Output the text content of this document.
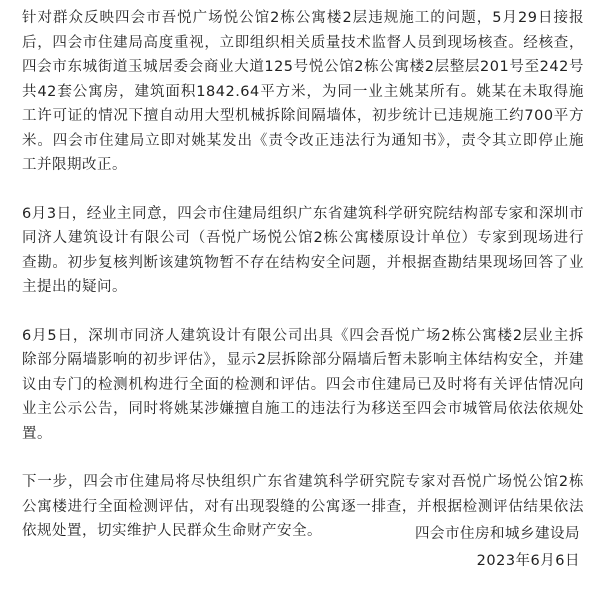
针对群众反映四会市吾悦广场悦公馆2栋公寓楼2层违规施工的问题，5月29日接报后，四会市住建局高度重视，立即组织相关质量技术监督人员到现场核查。经核查，四会市东城街道玉城居委会商业大道125号悦公馆2栋公寓楼2层整层201号至242号共42套公寓房，建筑面积1842.64平方米，为同一业主姚某所有。姚某在未取得施工许可证的情况下擅自动用大型机械拆除间隔墙体，初步统计已违规施工约700平方米。四会市住建局立即对姚某发出《责令改正违法行为通知书》，责令其立即停止施工并限期改正。

6月3日，经业主同意，四会市住建局组织广东省建筑科学研究院结构部专家和深圳市同济人建筑设计有限公司（吾悦广场悦公馆2栋公寓楼原设计单位）专家到现场进行查勘。初步复核判断该建筑物暂不存在结构安全问题，并根据查勘结果现场回答了业主提出的疑问。

6月5日，深圳市同济人建筑设计有限公司出具《四会吾悦广场2栋公寓楼2层业主拆除部分隔墙影响的初步评估》，显示2层拆除部分隔墙后暂未影响主体结构安全，并建议由专门的检测机构进行全面的检测和评估。四会市住建局已及时将有关评估情况向业主公示公告，同时将姚某涉嫌擅自施工的违法行为移送至四会市城管局依法依规处置。

下一步，四会市住建局将尽快组织广东省建筑科学研究院专家对吾悦广场悦公馆2栋公寓楼进行全面检测评估，对有出现裂缝的公寓逐一排查，并根据检测评估结果依法依规处置，切实维护人民群众生命财产安全。	四会市住房和城乡建设局
2023年6月6日
